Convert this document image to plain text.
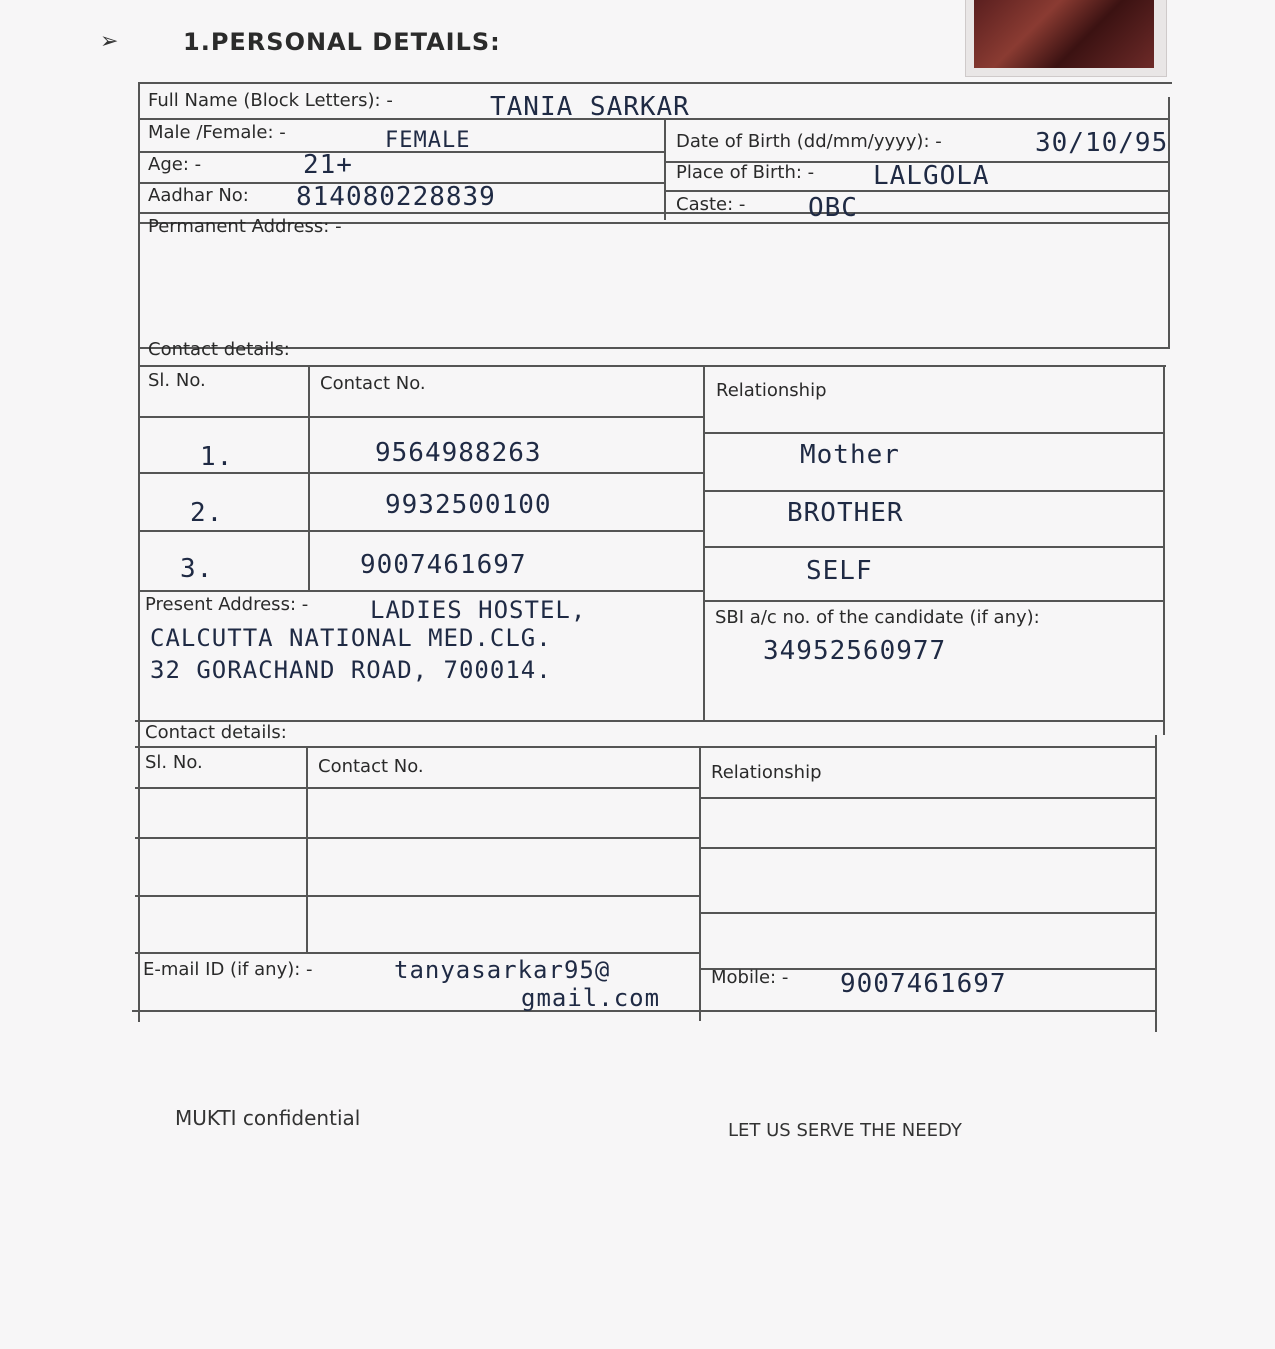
➢	1.PERSONAL DETAILS:
Full Name (Block Letters): -	TANIA SARKAR
Male /Female: -	FEMALE	Date of Birth (dd/mm/yyyy): -	30/10/95
Age: -	21+	Place of Birth: - LALGOLA
Aadhar No: 814080228839	Caste: - OBC
Permanent Address: -
Contact details:
Sl. No.	Contact No.	Relationship
1.	9564988263	Mother
2.	9932500100	BROTHER
3.	9007461697	SELF
Present Address: -	LADIES HOSTEL,
CALCUTTA NATIONAL MED.CLG.
32 GORACHAND ROAD, 700014.
SBI a/c no. of the candidate (if any):
34952560977
Contact details:
Sl. No.	Contact No.	Relationship
E-mail ID (if any): -	tanyasarkar95@
gmail.com
Mobile: - 9007461697
MUKTI confidential
LET US SERVE THE NEEDY
